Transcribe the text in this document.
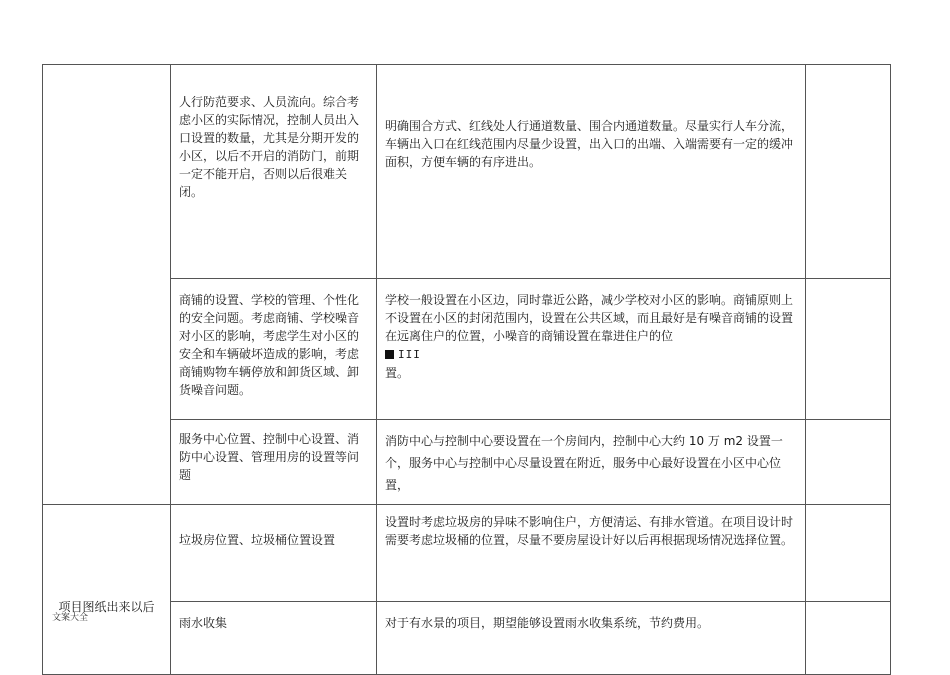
	人行防范要求、人员流向。综合考虑小区的实际情况，控制人员出入口设置的数量，尤其是分期开发的小区，以后不开启的消防门，前期一定不能开启，否则以后很难关闭。	明确围合方式、红线处人行通道数量、围合内通道数量。尽量实行人车分流，车辆出入口在红线范围内尽量少设置，出入口的出端、入端需要有一定的缓冲面积，方便车辆的有序进出。	
	商铺的设置、学校的管理、个性化的安全问题。考虑商铺、学校噪音对小区的影响，考虑学生对小区的安全和车辆破坏造成的影响，考虑商铺购物车辆停放和卸货区域、卸货噪音问题。	学校一般设置在小区边，同时靠近公路，减少学校对小区的影响。商铺原则上不设置在小区的封闭范围内，设置在公共区域，而且最好是有噪音商铺的设置在远离住户的位置，小噪音的商铺设置在靠进住户的位
III
置。	
	服务中心位置、控制中心设置、消防中心设置、管理用房的设置等问题	消防中心与控制中心要设置在一个房间内，控制中心大约 10 万 m2 设置一个，服务中心与控制中心尽量设置在附近，服务中心最好设置在小区中心位置，	
项目图纸出来以后	垃圾房位置、垃圾桶位置设置	设置时考虑垃圾房的异味不影响住户，方便清运、有排水管道。在项目设计时需要考虑垃圾桶的位置，尽量不要房屋设计好以后再根据现场情况选择位置。	
	雨水收集	对于有水景的项目，期望能够设置雨水收集系统，节约费用。	
文案大全
